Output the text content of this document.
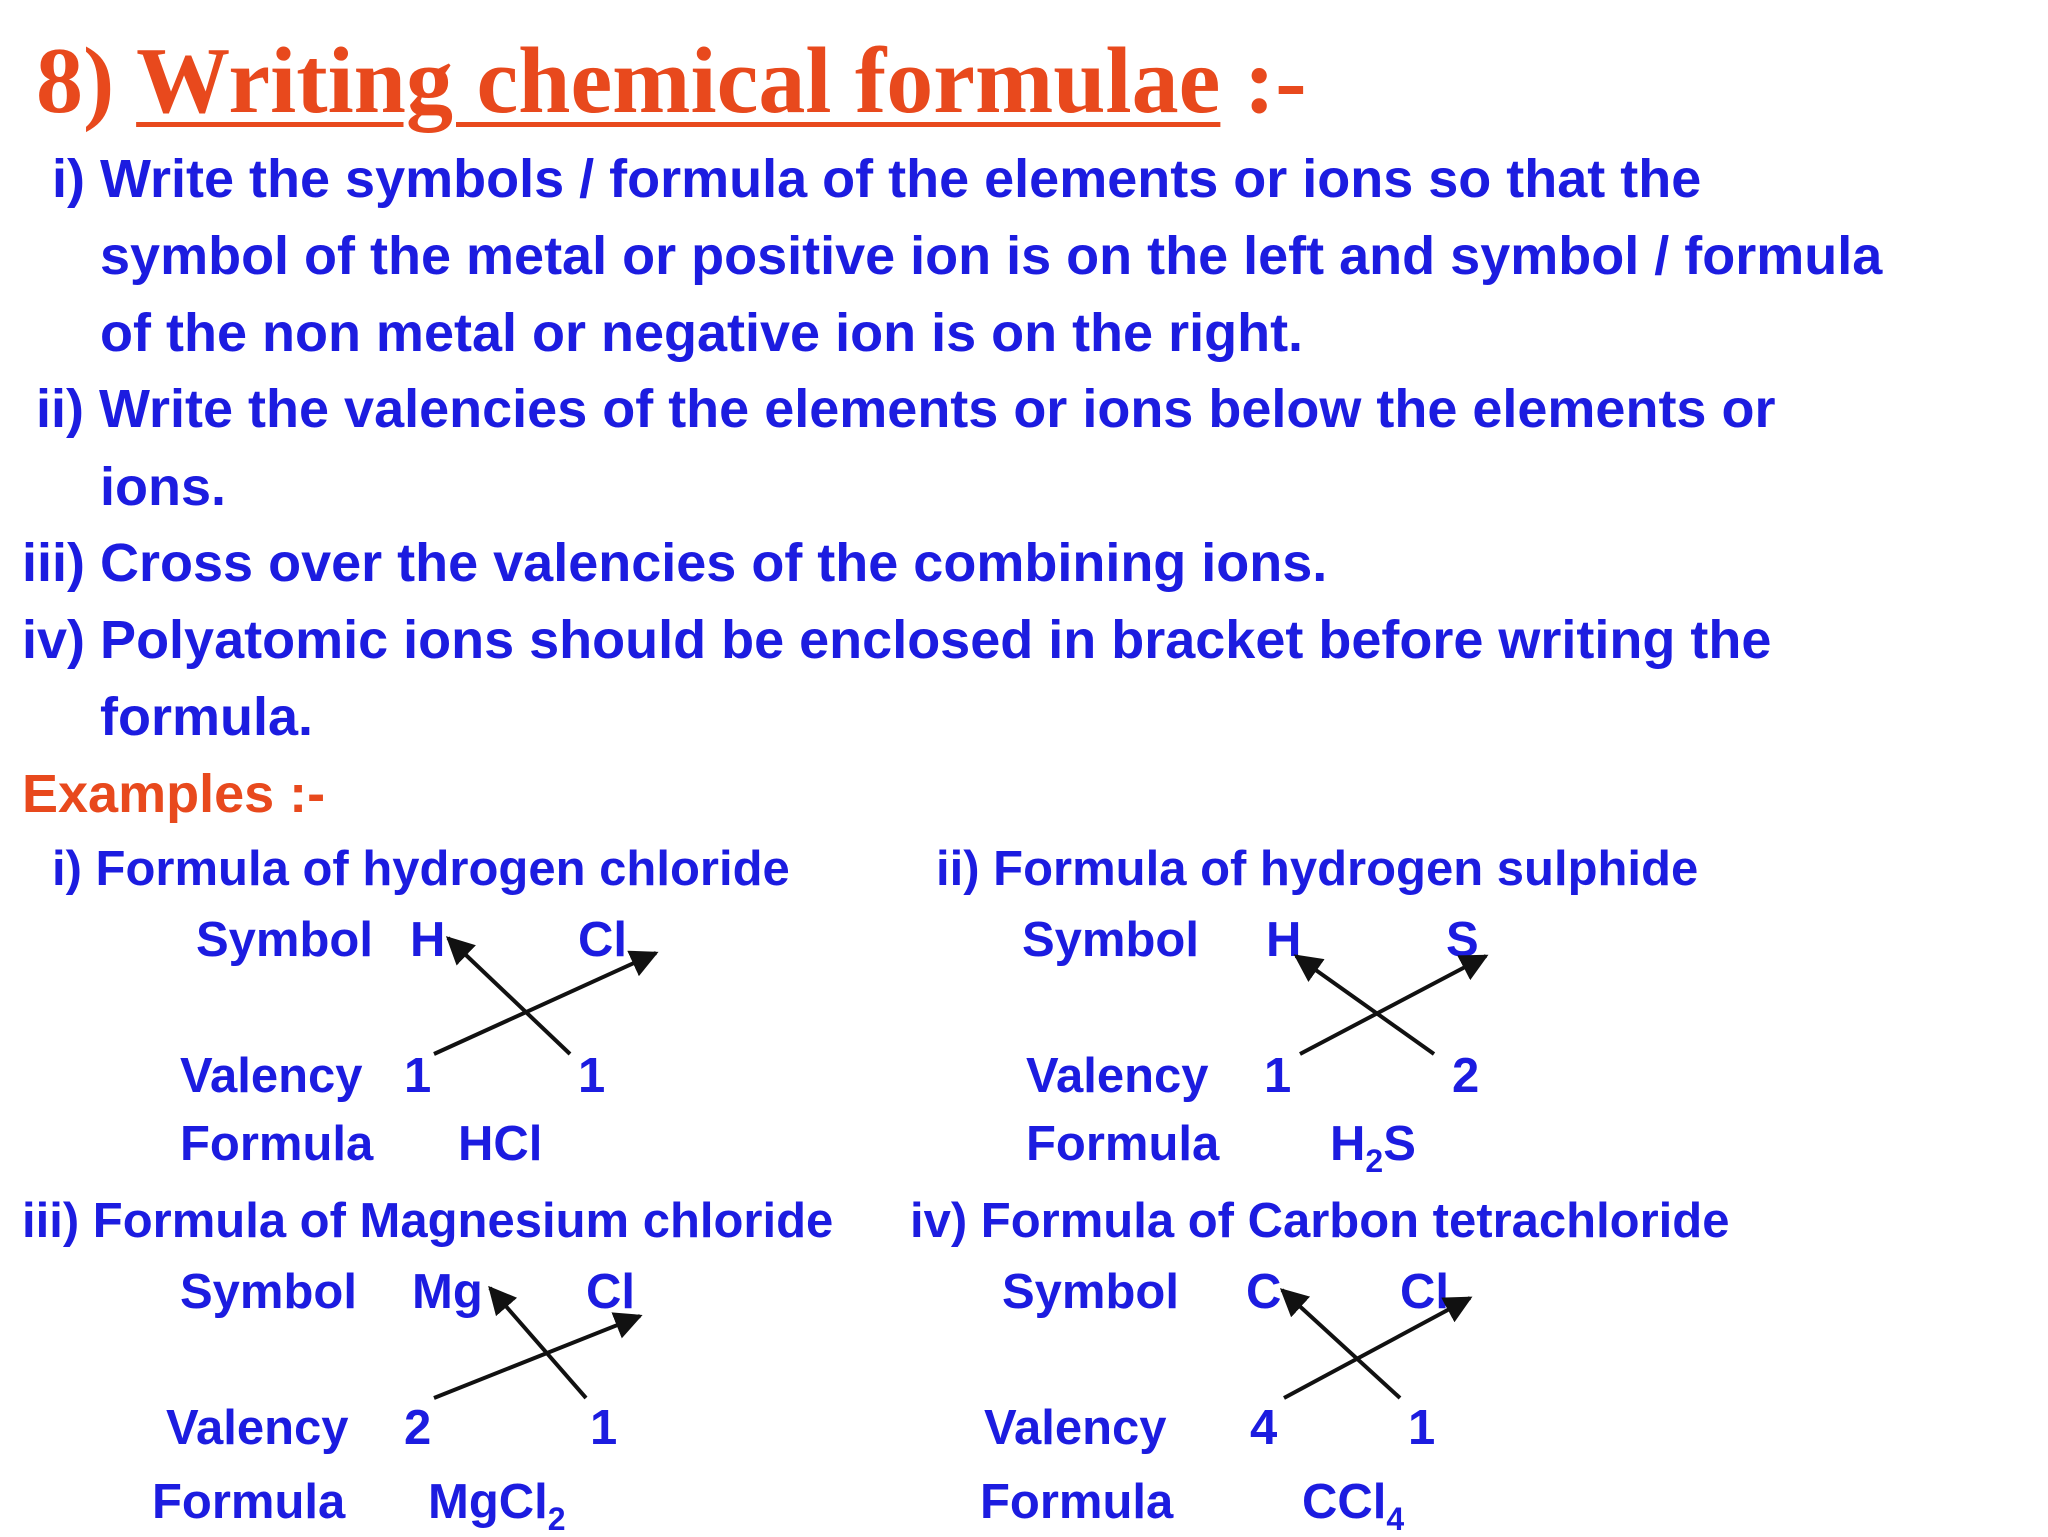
8) Writing chemical formulae :-
i) Write the symbols / formula of the elements or ions so that the
symbol of the metal or positive ion is on the left and symbol / formula
of the non metal or negative ion is on the right.
ii) Write the valencies of the elements or ions below the elements or
ions.
iii) Cross over the valencies of the combining ions.
iv) Polyatomic ions should be enclosed in bracket before writing the
formula.
Examples :-
i) Formula of hydrogen chloride
Symbol H	Cl
Valency 1	1
Formula HCl
ii) Formula of hydrogen sulphide
Symbol H	S
Valency 1	2
Formula $H_2S$
iii) Formula of Magnesium chloride
Symbol Mg Cl
Valency 2	1
Formula MgCl$_2$
iv) Formula of Carbon tetrachloride
Symbol C Cl
Valency 4	1
Formula	CCl$_4$
